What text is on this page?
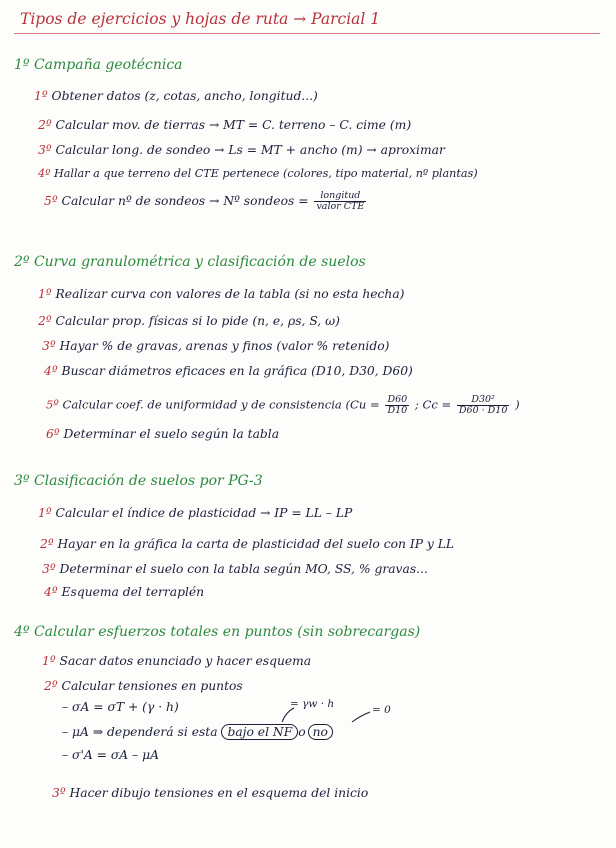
Tipos de ejercicios y hojas de ruta → Parcial 1
1º Campaña geotécnica
1º Obtener datos (z, cotas, ancho, longitud...)
2º Calcular mov. de tierras → MT = C. terreno – C. cime (m)
3º Calcular long. de sondeo → Ls = MT + ancho (m) → aproximar
4º Hallar a que terreno del CTE pertenece (colores, tipo material, nº plantas)
5º Calcular nº de sondeos → Nº sondeos = $\frac{\text{longitud}}{\text{valor CTE}}$
2º Curva granulométrica y clasificación de suelos
1º Realizar curva con valores de la tabla (si no esta hecha)
2º Calcular prop. físicas si lo pide (n, e, ρs, S, ω)
3º Hayar % de gravas, arenas y finos (valor % retenido)
4º Buscar diámetros eficaces en la gráfica (D10, D30, D60)
5º Calcular coef. de uniformidad y de consistencia ($Cu = \frac{D60}{D10}$ ; $Cc = \frac{\text{D30²}}{D60 \cdot D10}$ )
6º Determinar el suelo según la tabla
3º Clasificación de suelos por PG-3
1º Calcular el índice de plasticidad → IP = LL – LP
2º Hayar en la gráfica la carta de plasticidad del suelo con IP y LL
3º Determinar el suelo con la tabla según MO, SS, % gravas...
4º Esquema del terraplén
4º Calcular esfuerzos totales en puntos (sin sobrecargas)
1º Sacar datos enunciado y hacer esquema
2º Calcular tensiones en puntos
= γw · h	= 0
– σA = σT + (γ · h)
– μA ⇒ dependerá si esta bajo el NF o no
– σ'A = σA – μA
3º Hacer dibujo tensiones en el esquema del inicio
